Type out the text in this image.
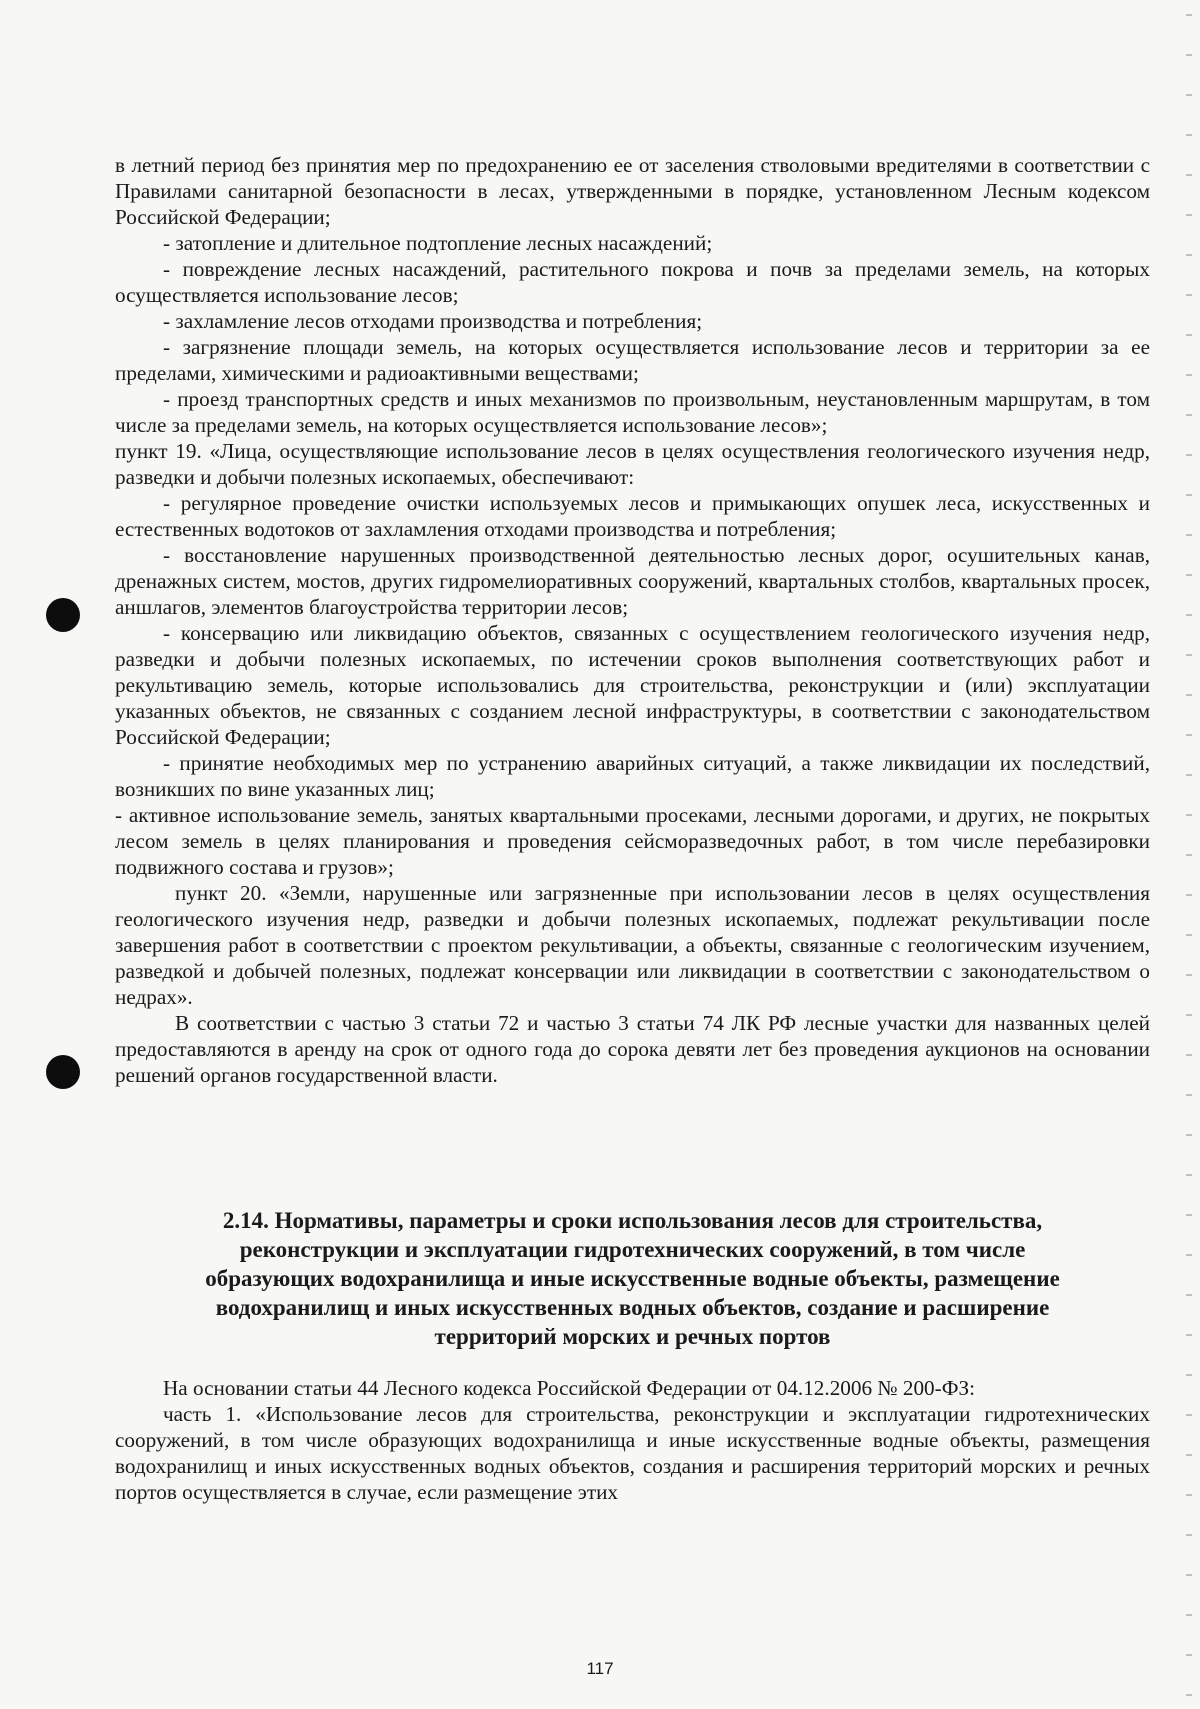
в летний период без принятия мер по предохранению ее от заселения стволовыми вредителями в соответствии с Правилами санитарной безопасности в лесах, утвержденными в порядке, установленном Лесным кодексом Российской Федерации;

- затопление и длительное подтопление лесных насаждений;

- повреждение лесных насаждений, растительного покрова и почв за пределами земель, на которых осуществляется использование лесов;

- захламление лесов отходами производства и потребления;

- загрязнение площади земель, на которых осуществляется использование лесов и территории за ее пределами, химическими и радиоактивными веществами;

- проезд транспортных средств и иных механизмов по произвольным, неустановленным маршрутам, в том числе за пределами земель, на которых осуществляется использование лесов»;

пункт 19. «Лица, осуществляющие использование лесов в целях осуществления геологического изучения недр, разведки и добычи полезных ископаемых, обеспечивают:

- регулярное проведение очистки используемых лесов и примыкающих опушек леса, искусственных и естественных водотоков от захламления отходами производства и потребления;

- восстановление нарушенных производственной деятельностью лесных дорог, осушительных канав, дренажных систем, мостов, других гидромелиоративных сооружений, квартальных столбов, квартальных просек, аншлагов, элементов благоустройства территории лесов;

- консервацию или ликвидацию объектов, связанных с осуществлением геологического изучения недр, разведки и добычи полезных ископаемых, по истечении сроков выполнения соответствующих работ и рекультивацию земель, которые использовались для строительства, реконструкции и (или) эксплуатации указанных объектов, не связанных с созданием лесной инфраструктуры, в соответствии с законодательством Российской Федерации;

- принятие необходимых мер по устранению аварийных ситуаций, а также ликвидации их последствий, возникших по вине указанных лиц;

- активное использование земель, занятых квартальными просеками, лесными дорогами, и других, не покрытых лесом земель в целях планирования и проведения сейсморазведочных работ, в том числе перебазировки подвижного состава и грузов»;

пункт 20. «Земли, нарушенные или загрязненные при использовании лесов в целях осуществления геологического изучения недр, разведки и добычи полезных ископаемых, подлежат рекультивации после завершения работ в соответствии с проектом рекультивации, а объекты, связанные с геологическим изучением, разведкой и добычей полезных, подлежат консервации или ликвидации в соответствии с законодательством о недрах».

В соответствии с частью 3 статьи 72 и частью 3 статьи 74 ЛК РФ лесные участки для названных целей предоставляются в аренду на срок от одного года до сорока девяти лет без проведения аукционов на основании решений органов государственной власти.

2.14. Нормативы, параметры и сроки использования лесов для строительства,

реконструкции и эксплуатации гидротехнических сооружений, в том числе

образующих водохранилища и иные искусственные водные объекты, размещение

водохранилищ и иных искусственных водных объектов, создание и расширение

территорий морских и речных портов

На основании статьи 44 Лесного кодекса Российской Федерации от 04.12.2006 № 200-ФЗ:

часть 1. «Использование лесов для строительства, реконструкции и эксплуатации гидротехнических сооружений, в том числе образующих водохранилища и иные искусственные водные объекты, размещения водохранилищ и иных искусственных водных объектов, создания и расширения территорий морских и речных портов осуществляется в случае, если размещение этих

117
